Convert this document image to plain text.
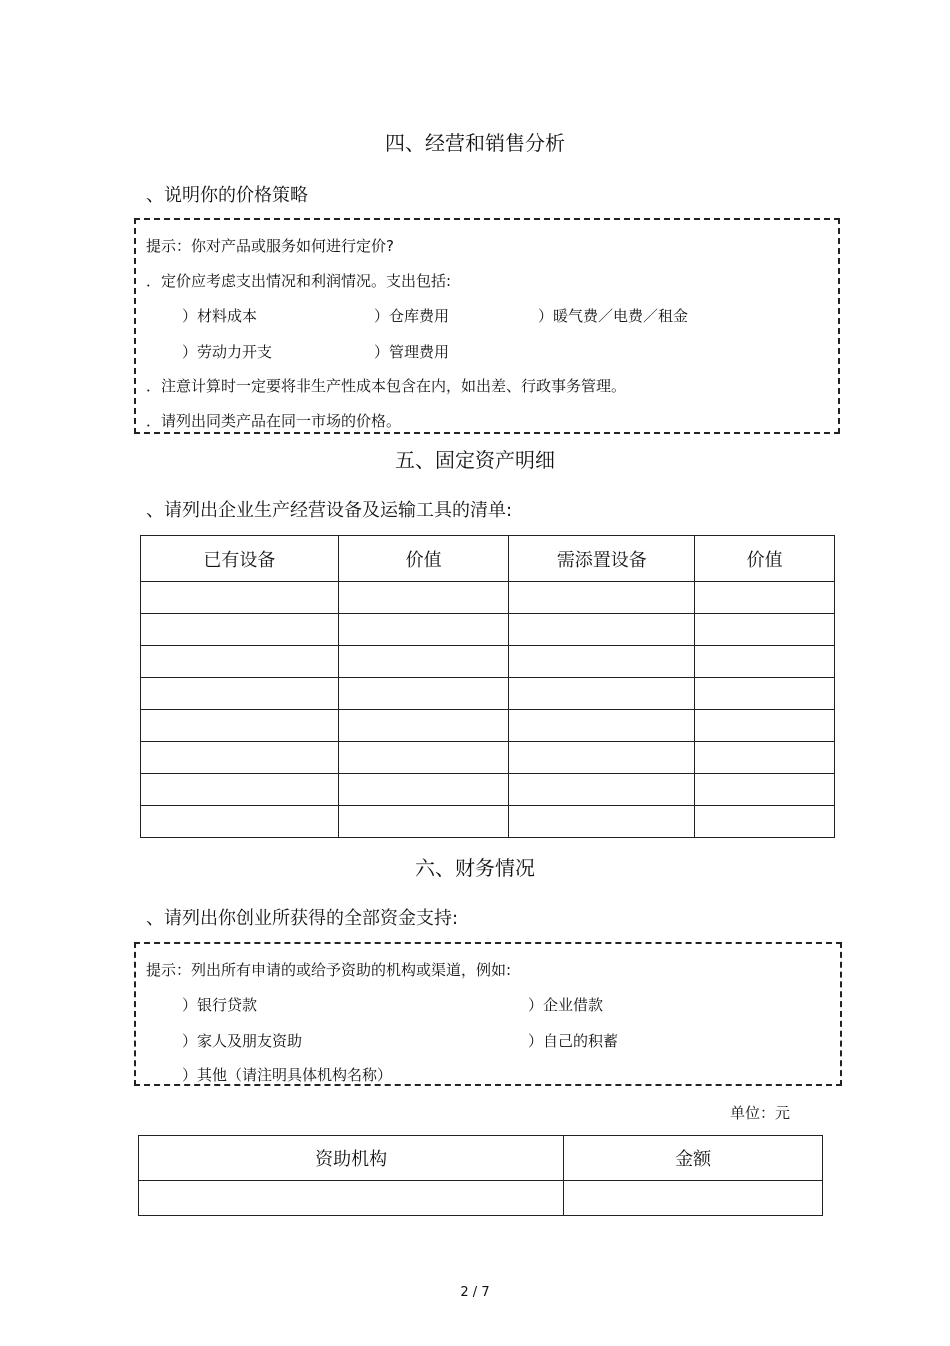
四、经营和销售分析
、说明你的价格策略
提示：你对产品或服务如何进行定价?
．定价应考虑支出情况和利润情况。支出包括:
）材料成本	）仓库费用	）暖气费／电费／租金
）劳动力开支	）管理费用
．注意计算时一定要将非生产性成本包含在内，如出差、行政事务管理。
．请列出同类产品在同一市场的价格。
五、固定资产明细
、请列出企业生产经营设备及运输工具的清单:
已有设备	价值	需添置设备	价值

六、财务情况
、请列出你创业所获得的全部资金支持:
提示：列出所有申请的或给予资助的机构或渠道，例如:
）银行贷款	）企业借款
）家人及朋友资助	）自己的积蓄
）其他（请注明具体机构名称）
单位：元
资助机构	金额

2 / 7
